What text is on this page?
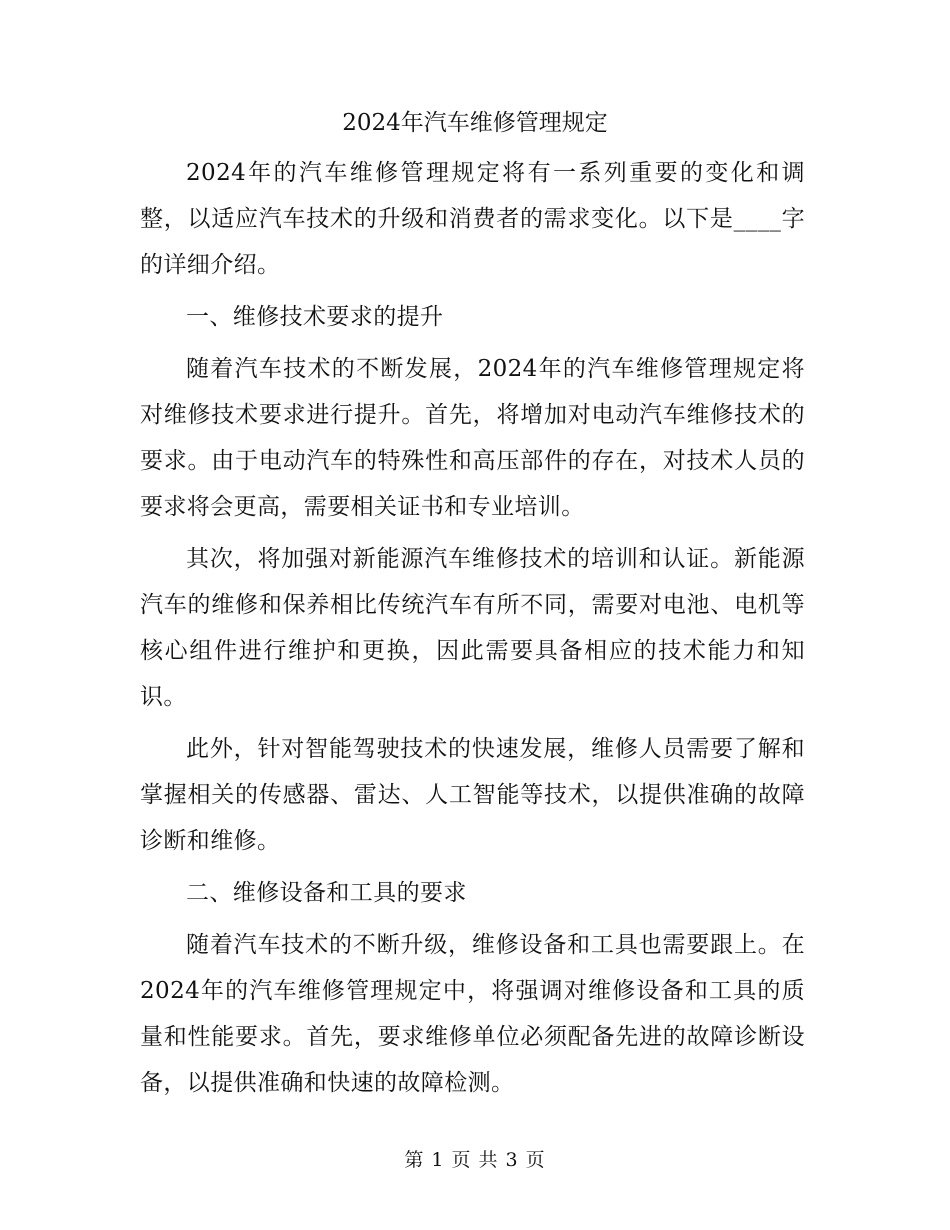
2024年汽车维修管理规定

2024年的汽车维修管理规定将有一系列重要的变化和调整，以适应汽车技术的升级和消费者的需求变化。以下是____字的详细介绍。

一、维修技术要求的提升

随着汽车技术的不断发展，2024年的汽车维修管理规定将对维修技术要求进行提升。首先，将增加对电动汽车维修技术的要求。由于电动汽车的特殊性和高压部件的存在，对技术人员的要求将会更高，需要相关证书和专业培训。

其次，将加强对新能源汽车维修技术的培训和认证。新能源汽车的维修和保养相比传统汽车有所不同，需要对电池、电机等核心组件进行维护和更换，因此需要具备相应的技术能力和知识。

此外，针对智能驾驶技术的快速发展，维修人员需要了解和掌握相关的传感器、雷达、人工智能等技术，以提供准确的故障诊断和维修。

二、维修设备和工具的要求

随着汽车技术的不断升级，维修设备和工具也需要跟上。在2024年的汽车维修管理规定中，将强调对维修设备和工具的质量和性能要求。首先，要求维修单位必须配备先进的故障诊断设备，以提供准确和快速的故障检测。

第 1 页 共 3 页
